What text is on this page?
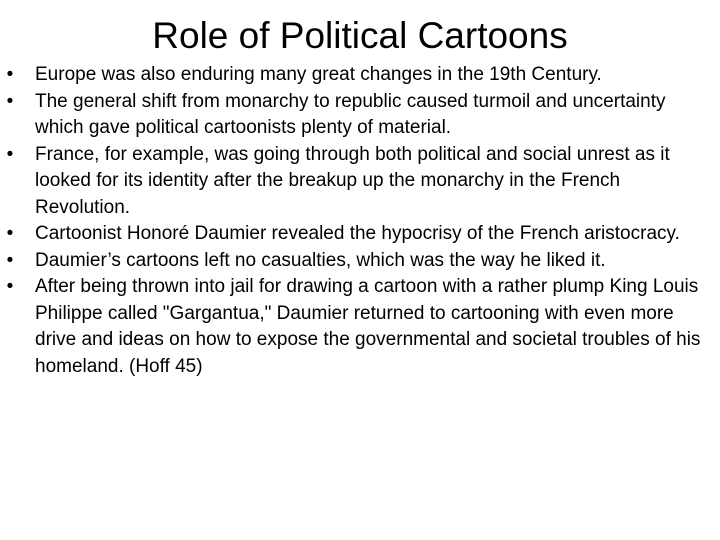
Role of Political Cartoons
• Europe was also enduring many great changes in the 19th Century.
• The general shift from monarchy to republic caused turmoil and uncertainty which gave political cartoonists plenty of material.
• France, for example, was going through both political and social unrest as it looked for its identity after the breakup up the monarchy in the French Revolution.
• Cartoonist Honoré Daumier revealed the hypocrisy of the French aristocracy.
• Daumier’s cartoons left no casualties, which was the way he liked it.
• After being thrown into jail for drawing a cartoon with a rather plump King Louis Philippe called "Gargantua," Daumier returned to cartooning with even more drive and ideas on how to expose the governmental and societal troubles of his homeland. (Hoff 45)
